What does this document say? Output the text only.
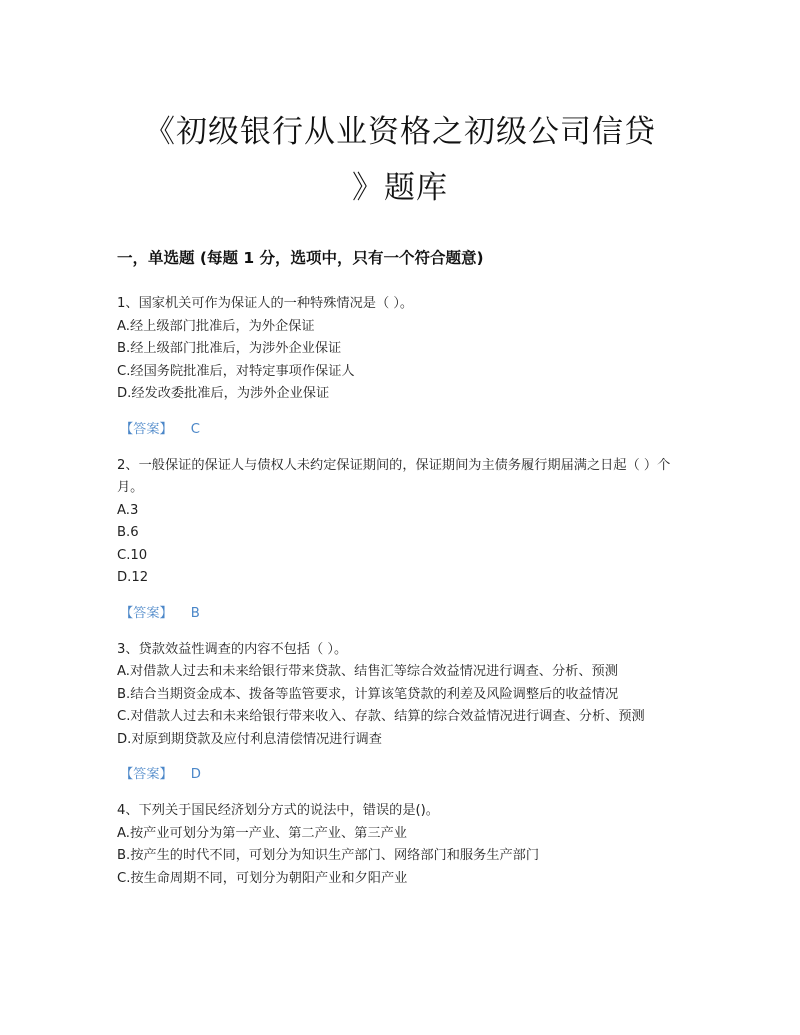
《初级银行从业资格之初级公司信贷
》题库
一，单选题 (每题 1 分，选项中，只有一个符合题意)

1、国家机关可作为保证人的一种特殊情况是（ ）。

A.经上级部门批准后，为外企保证

B.经上级部门批准后，为涉外企业保证

C.经国务院批准后，对特定事项作保证人

D.经发改委批准后，为涉外企业保证

【答案】 C

2、一般保证的保证人与债权人未约定保证期间的，保证期间为主债务履行期届满之日起（ ）个月。

A.3

B.6

C.10

D.12

【答案】 B

3、贷款效益性调查的内容不包括（ ）。

A.对借款人过去和未来给银行带来贷款、结售汇等综合效益情况进行调查、分析、预测

B.结合当期资金成本、拨备等监管要求，计算该笔贷款的利差及风险调整后的收益情况

C.对借款人过去和未来给银行带来收入、存款、结算的综合效益情况进行调查、分析、预测

D.对原到期贷款及应付利息清偿情况进行调查

【答案】 D

4、下列关于国民经济划分方式的说法中，错误的是()。

A.按产业可划分为第一产业、第二产业、第三产业

B.按产生的时代不同，可划分为知识生产部门、网络部门和服务生产部门

C.按生命周期不同，可划分为朝阳产业和夕阳产业
